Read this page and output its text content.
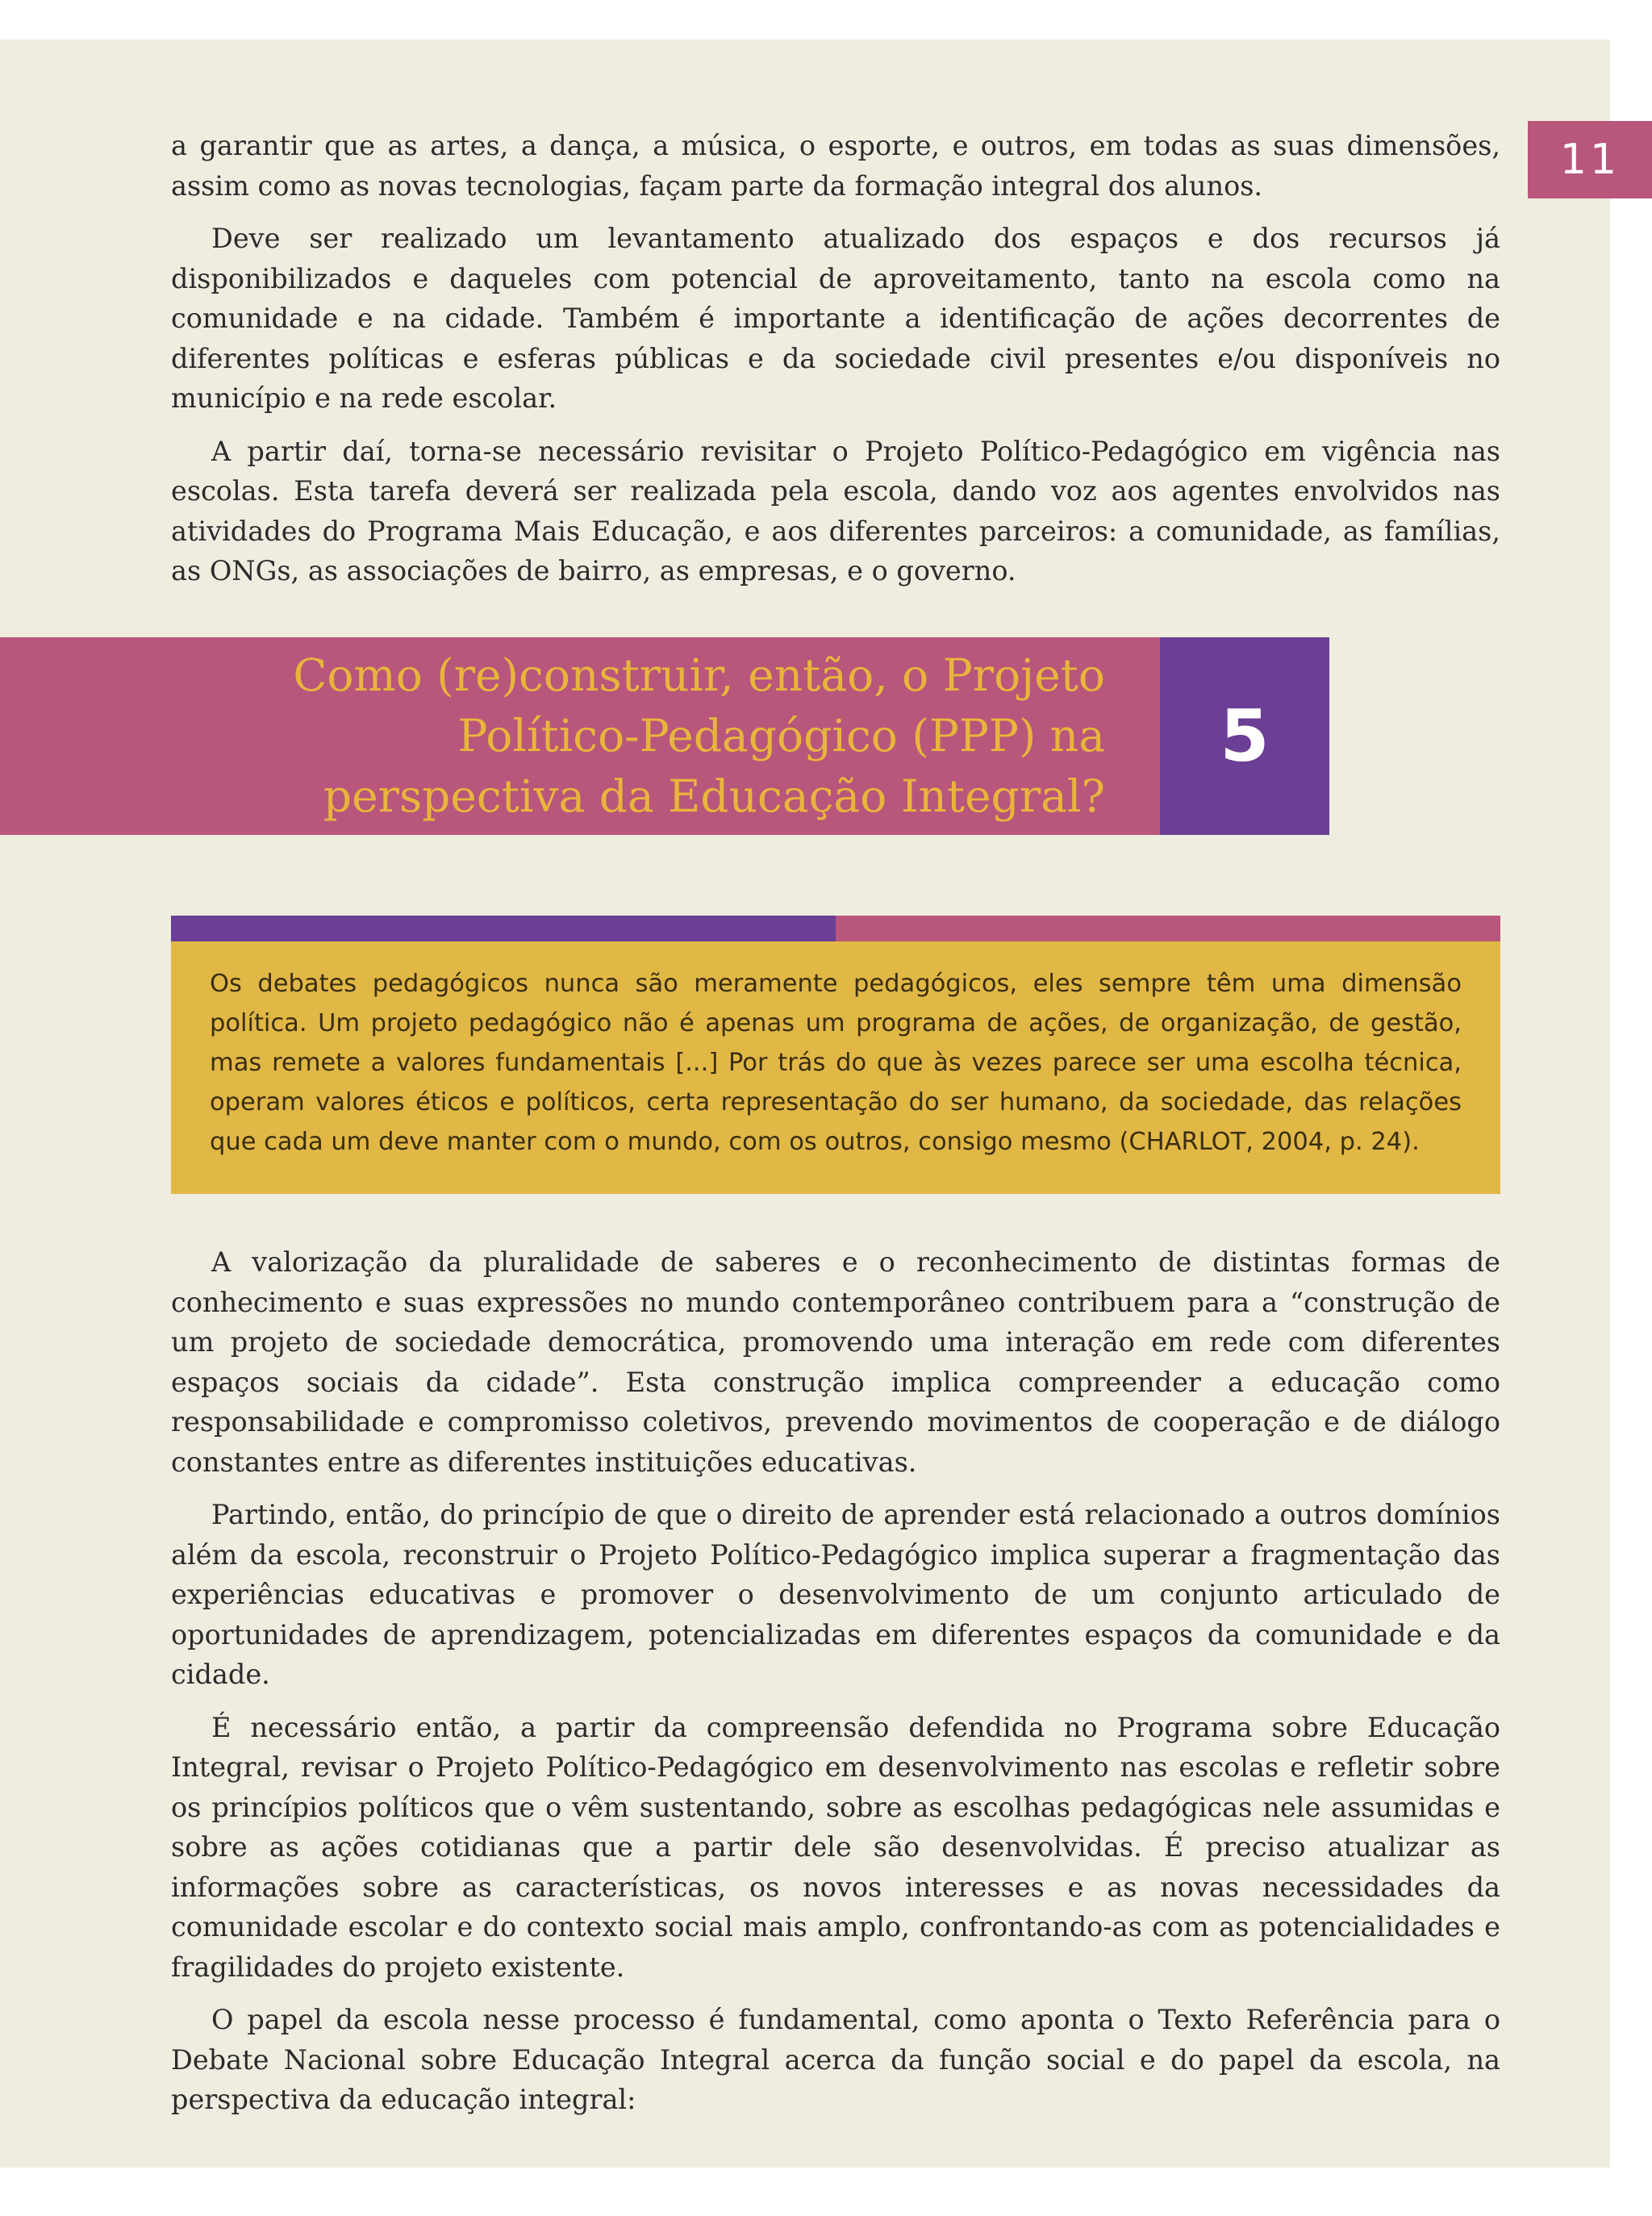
11

a garantir que as artes, a dança, a música, o esporte, e outros, em todas as suas dimensões, assim como as novas tecnologias, façam parte da formação integral dos alunos.

Deve ser realizado um levantamento atualizado dos espaços e dos recursos já disponibilizados e daqueles com potencial de aproveitamento, tanto na escola como na comunidade e na cidade. Também é importante a identificação de ações decorrentes de diferentes políticas e esferas públicas e da sociedade civil presentes e/ou disponíveis no município e na rede escolar.

A partir daí, torna-se necessário revisitar o Projeto Político-Pedagógico em vigência nas escolas. Esta tarefa deverá ser realizada pela escola, dando voz aos agentes envolvidos nas atividades do Programa Mais Educação, e aos diferentes parceiros: a comunidade, as famílias, as ONGs, as associações de bairro, as empresas, e o governo.

Como (re)construir, então, o Projeto
Político-Pedagógico (PPP) na
perspectiva da Educação Integral?
5
Os debates pedagógicos nunca são meramente pedagógicos, eles sempre têm uma dimensão política. Um projeto pedagógico não é apenas um programa de ações, de organização, de gestão, mas remete a valores fundamentais [...] Por trás do que às vezes parece ser uma escolha técnica, operam valores éticos e políticos, certa representação do ser humano, da sociedade, das relações que cada um deve manter com o mundo, com os outros, consigo mesmo (CHARLOT, 2004, p. 24).

A valorização da pluralidade de saberes e o reconhecimento de distintas formas de conhecimento e suas expressões no mundo contemporâneo contribuem para a “construção de um projeto de sociedade democrática, promovendo uma interação em rede com diferentes espaços sociais da cidade”. Esta construção implica compreender a educação como responsabilidade e compromisso coletivos, prevendo movimentos de cooperação e de diálogo constantes entre as diferentes instituições educativas.

Partindo, então, do princípio de que o direito de aprender está relacionado a outros domínios além da escola, reconstruir o Projeto Político-Pedagógico implica superar a fragmentação das experiências educativas e promover o desenvolvimento de um conjunto articulado de oportunidades de aprendizagem, potencializadas em diferentes espaços da comunidade e da cidade.

É necessário então, a partir da compreensão defendida no Programa sobre Educação Integral, revisar o Projeto Político-Pedagógico em desenvolvimento nas escolas e refletir sobre os princípios políticos que o vêm sustentando, sobre as escolhas pedagógicas nele assumidas e sobre as ações cotidianas que a partir dele são desenvolvidas. É preciso atualizar as informações sobre as características, os novos interesses e as novas necessidades da comunidade escolar e do contexto social mais amplo, confrontando-as com as potencialidades e fragilidades do projeto existente.

O papel da escola nesse processo é fundamental, como aponta o Texto Referência para o Debate Nacional sobre Educação Integral acerca da função social e do papel da escola, na perspectiva da educação integral:
